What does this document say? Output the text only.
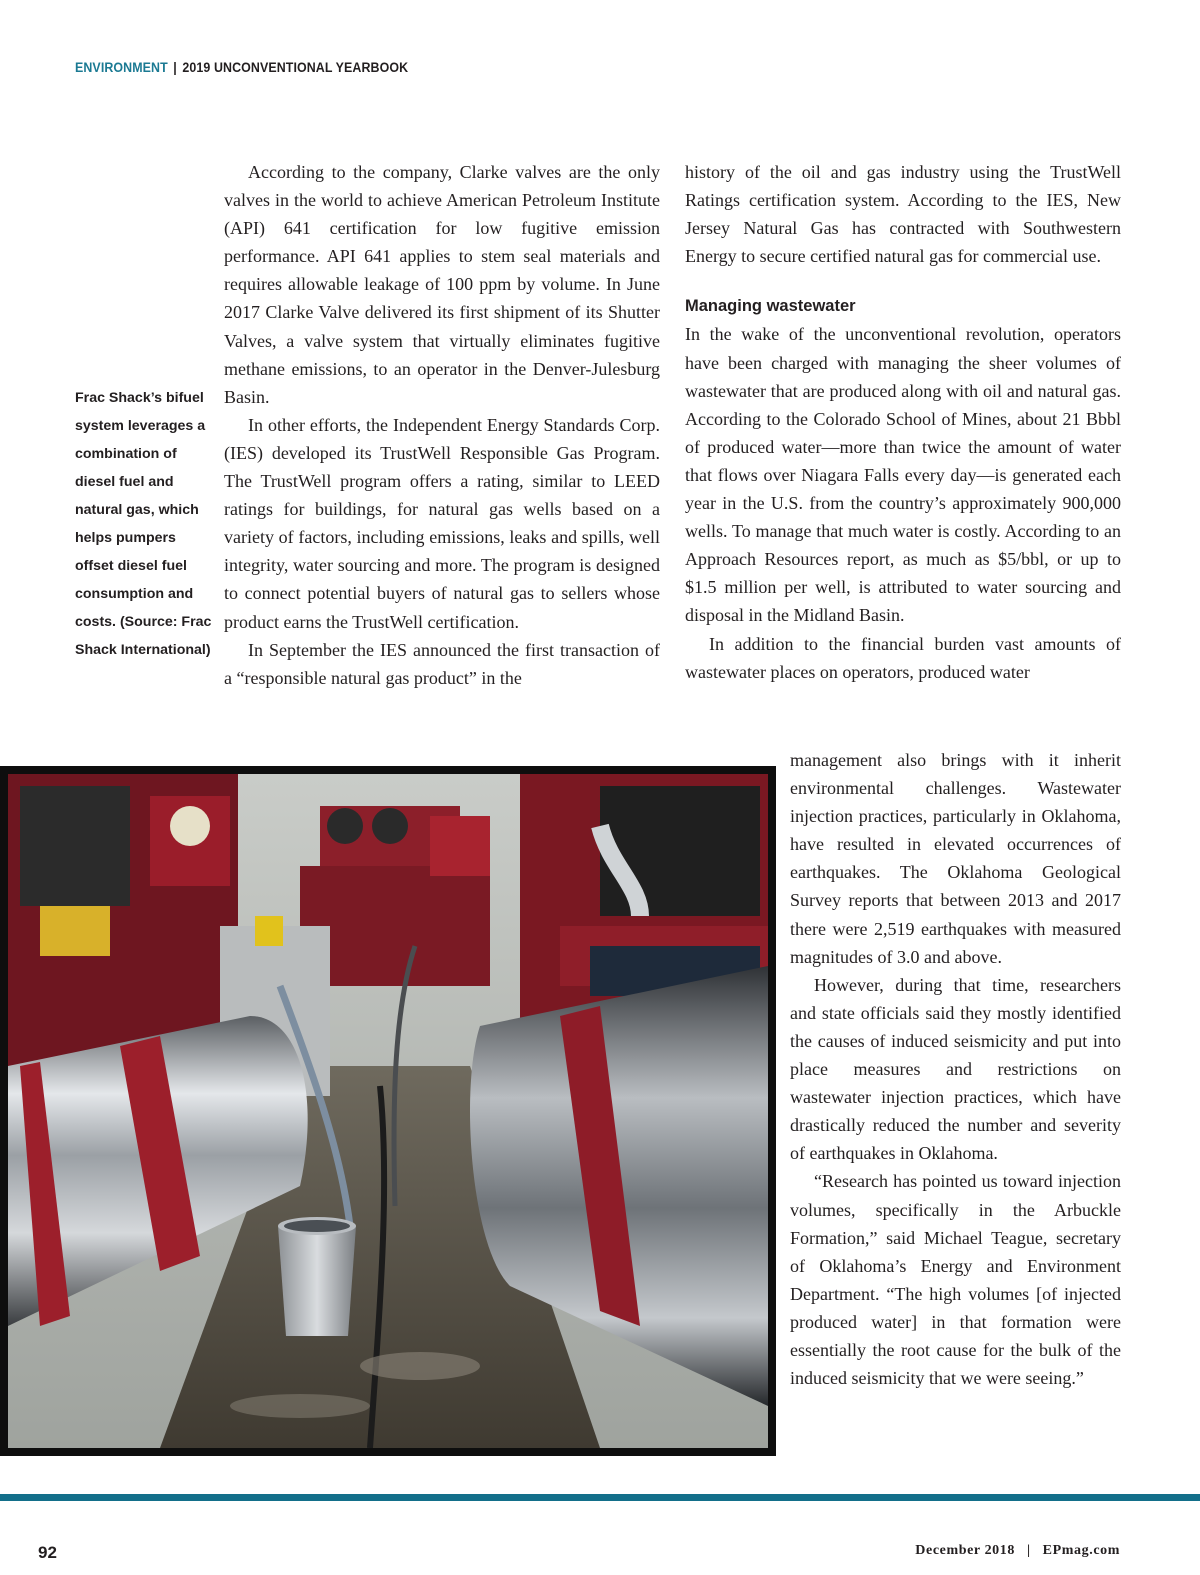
ENVIRONMENT | 2019 UNCONVENTIONAL YEARBOOK

Frac Shack’s bifuel system leverages a combination of diesel fuel and natural gas, which helps pumpers offset diesel fuel consumption and costs. (Source: Frac Shack International)

According to the company, Clarke valves are the only valves in the world to achieve American Petroleum Institute (API) 641 certification for low fugitive emission performance. API 641 applies to stem seal materials and requires allowable leakage of 100 ppm by volume. In June 2017 Clarke Valve delivered its first shipment of its Shutter Valves, a valve system that virtually eliminates fugitive methane emissions, to an operator in the Denver-Julesburg Basin.

In other efforts, the Independent Energy Standards Corp. (IES) developed its TrustWell Responsible Gas Program. The TrustWell program offers a rating, similar to LEED ratings for buildings, for natural gas wells based on a variety of factors, including emissions, leaks and spills, well integrity, water sourcing and more. The program is designed to connect potential buyers of natural gas to sellers whose product earns the TrustWell certification.

In September the IES announced the first transaction of a “responsible natural gas product” in the

history of the oil and gas industry using the TrustWell Ratings certification system. According to the IES, New Jersey Natural Gas has contracted with Southwestern Energy to secure certified natural gas for commercial use.

Managing wastewater

In the wake of the unconventional revolution, operators have been charged with managing the sheer volumes of wastewater that are produced along with oil and natural gas. According to the Colorado School of Mines, about 21 Bbbl of produced water—more than twice the amount of water that flows over Niagara Falls every day—is generated each year in the U.S. from the country’s approximately 900,000 wells. To manage that much water is costly. According to an Approach Resources report, as much as $5/bbl, or up to $1.5 million per well, is attributed to water sourcing and disposal in the Midland Basin.

In addition to the financial burden vast amounts of wastewater places on operators, produced water

management also brings with it inherit environmental challenges. Wastewater injection practices, particularly in Oklahoma, have resulted in elevated occurrences of earthquakes. The Oklahoma Geological Survey reports that between 2013 and 2017 there were 2,519 earthquakes with measured magnitudes of 3.0 and above.

However, during that time, researchers and state officials said they mostly identified the causes of induced seismicity and put into place measures and restrictions on wastewater injection practices, which have drastically reduced the number and severity of earthquakes in Oklahoma.

“Research has pointed us toward injection volumes, specifically in the Arbuckle Formation,” said Michael Teague, secretary of Oklahoma’s Energy and Environment Department. “The high volumes [of injected produced water] in that formation were essentially the root cause for the bulk of the induced seismicity that we were seeing.”

92	December 2018 | EPmag.com
